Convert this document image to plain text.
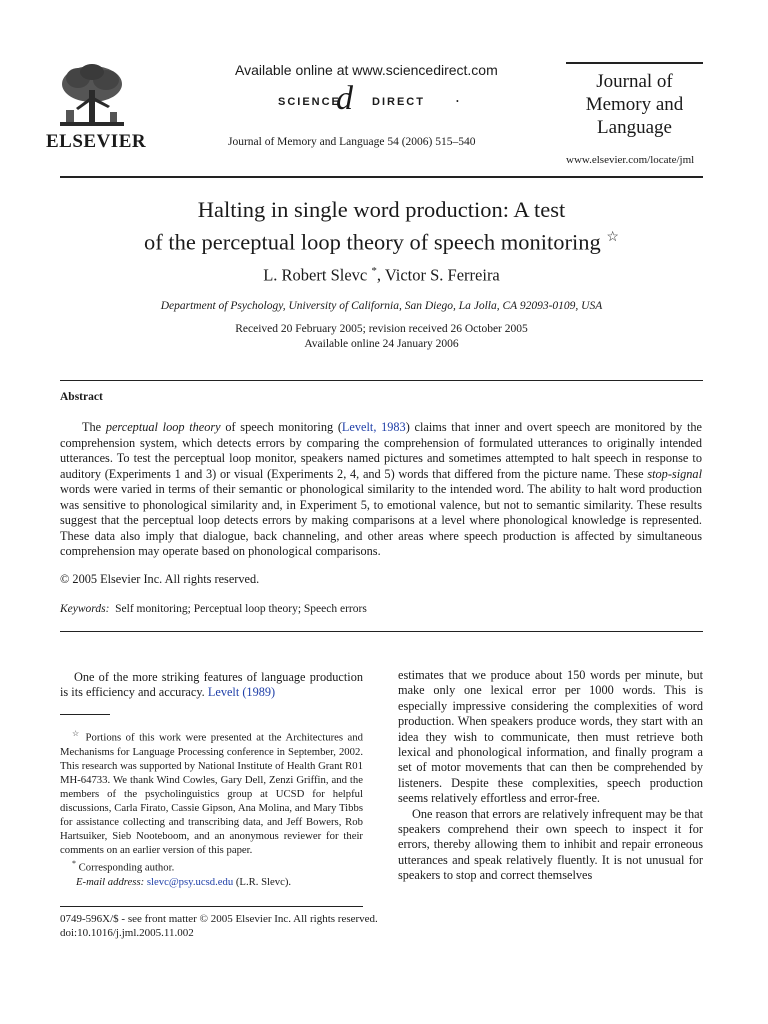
ELSEVIER
Available online at www.sciencedirect.com
SCIENCE
d DIRECT	•
Journal of Memory and Language 54 (2006) 515–540
Journal of
Memory and
Language
www.elsevier.com/locate/jml
Halting in single word production: A test
of the perceptual loop theory of speech monitoring ☆
L. Robert Slevc *, Victor S. Ferreira
Department of Psychology, University of California, San Diego, La Jolla, CA 92093-0109, USA
Received 20 February 2005; revision received 26 October 2005
Available online 24 January 2006
Abstract
The perceptual loop theory of speech monitoring (Levelt, 1983) claims that inner and overt speech are monitored by the comprehension system, which detects errors by comparing the comprehension of formulated utterances to originally intended utterances. To test the perceptual loop monitor, speakers named pictures and sometimes attempted to halt speech in response to auditory (Experiments 1 and 3) or visual (Experiments 2, 4, and 5) words that differed from the picture name. These stop-signal words were varied in terms of their semantic or phonological similarity to the intended word. The ability to halt word production was sensitive to phonological similarity and, in Experiment 5, to emotional valence, but not to semantic similarity. These results suggest that the perceptual loop detects errors by making comparisons at a level where phonological knowledge is represented. These data also imply that dialogue, back channeling, and other areas where speech production is affected by simultaneous comprehension may operate based on phonological comparisons.
© 2005 Elsevier Inc. All rights reserved.
Keywords: Self monitoring; Perceptual loop theory; Speech errors
One of the more striking features of language production is its efficiency and accuracy. Levelt (1989)

☆ Portions of this work were presented at the Architectures and Mechanisms for Language Processing conference in September, 2002. This research was supported by National Institute of Health Grant R01 MH-64733. We thank Wind Cowles, Gary Dell, Zenzi Griffin, and the members of the psycholinguistics group at UCSD for helpful discussions, Carla Firato, Cassie Gipson, Ana Molina, and Mary Tibbs for assistance collecting and transcribing data, and Jeff Bowers, Rob Hartsuiker, Sieb Nooteboom, and an anonymous reviewer for their comments on an earlier version of this paper.

* Corresponding author.

E-mail address: slevc@psy.ucsd.edu (L.R. Slevc).

estimates that we produce about 150 words per minute, but make only one lexical error per 1000 words. This is especially impressive considering the complexities of word production. When speakers produce words, they start with an idea they wish to communicate, then must retrieve both lexical and phonological information, and finally program a set of motor movements that can then be comprehended by listeners. Despite these complexities, speech production seems relatively effortless and error-free.

One reason that errors are relatively infrequent may be that speakers comprehend their own speech to inspect it for errors, thereby allowing them to inhibit and repair erroneous utterances and speak relatively fluently. It is not unusual for speakers to stop and correct themselves

0749-596X/$ - see front matter © 2005 Elsevier Inc. All rights reserved.
doi:10.1016/j.jml.2005.11.002
